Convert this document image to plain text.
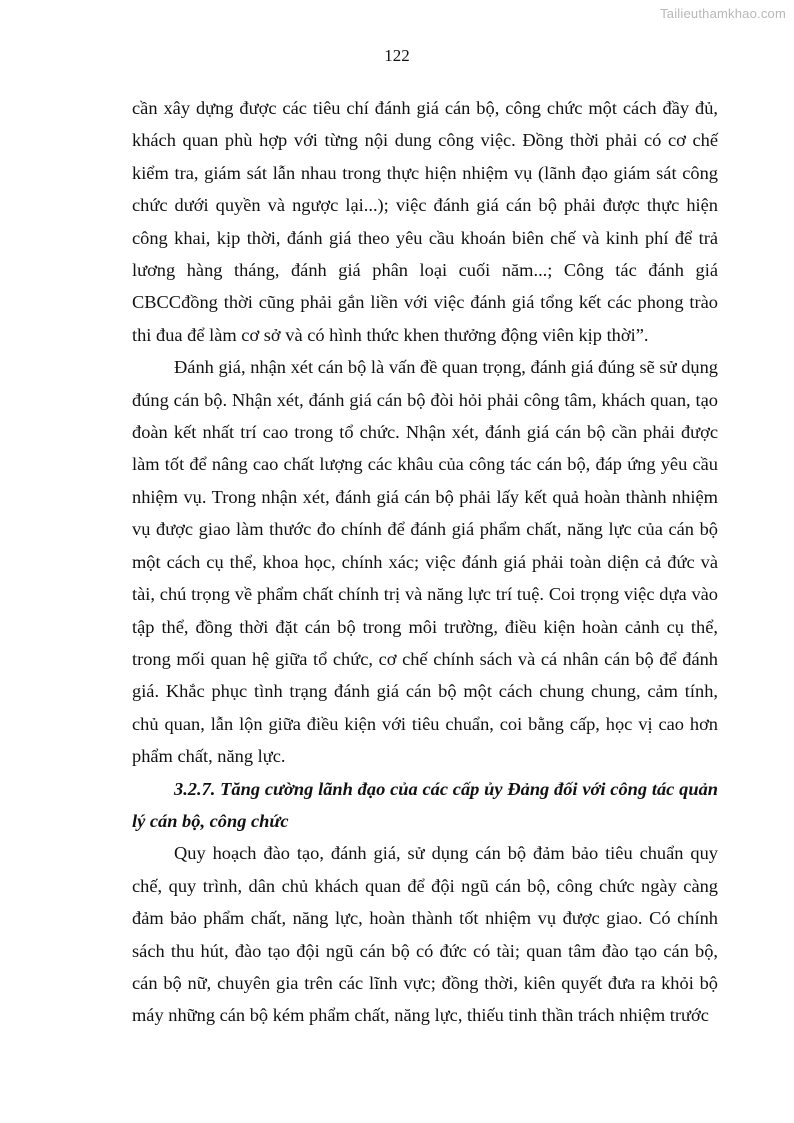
Tailieuthamkhao.com
122

cần xây dựng được các tiêu chí đánh giá cán bộ, công chức một cách đầy đủ, khách quan phù hợp với từng nội dung công việc. Đồng thời phải có cơ chế kiểm tra, giám sát lẫn nhau trong thực hiện nhiệm vụ (lãnh đạo giám sát công chức dưới quyền và ngược lại...); việc đánh giá cán bộ phải được thực hiện công khai, kịp thời, đánh giá theo yêu cầu khoán biên chế và kinh phí để trả lương hàng tháng, đánh giá phân loại cuối năm...; Công tác đánh giá CBCCđồng thời cũng phải gắn liền với việc đánh giá tổng kết các phong trào thi đua để làm cơ sở và có hình thức khen thưởng động viên kịp thời”.

Đánh giá, nhận xét cán bộ là vấn đề quan trọng, đánh giá đúng sẽ sử dụng đúng cán bộ. Nhận xét, đánh giá cán bộ đòi hỏi phải công tâm, khách quan, tạo đoàn kết nhất trí cao trong tổ chức. Nhận xét, đánh giá cán bộ cần phải được làm tốt để nâng cao chất lượng các khâu của công tác cán bộ, đáp ứng yêu cầu nhiệm vụ. Trong nhận xét, đánh giá cán bộ phải lấy kết quả hoàn thành nhiệm vụ được giao làm thước đo chính để đánh giá phẩm chất, năng lực của cán bộ một cách cụ thể, khoa học, chính xác; việc đánh giá phải toàn diện cả đức và tài, chú trọng về phẩm chất chính trị và năng lực trí tuệ. Coi trọng việc dựa vào tập thể, đồng thời đặt cán bộ trong môi trường, điều kiện hoàn cảnh cụ thể, trong mối quan hệ giữa tổ chức, cơ chế chính sách và cá nhân cán bộ để đánh giá. Khắc phục tình trạng đánh giá cán bộ một cách chung chung, cảm tính, chủ quan, lẫn lộn giữa điều kiện với tiêu chuẩn, coi bằng cấp, học vị cao hơn phẩm chất, năng lực.

3.2.7. Tăng cường lãnh đạo của các cấp ủy Đảng đối với công tác quản lý cán bộ, công chức

Quy hoạch đào tạo, đánh giá, sử dụng cán bộ đảm bảo tiêu chuẩn quy chế, quy trình, dân chủ khách quan để đội ngũ cán bộ, công chức ngày càng đảm bảo phẩm chất, năng lực, hoàn thành tốt nhiệm vụ được giao. Có chính sách thu hút, đào tạo đội ngũ cán bộ có đức có tài; quan tâm đào tạo cán bộ, cán bộ nữ, chuyên gia trên các lĩnh vực; đồng thời, kiên quyết đưa ra khỏi bộ máy những cán bộ kém phẩm chất, năng lực, thiếu tinh thần trách nhiệm trước
